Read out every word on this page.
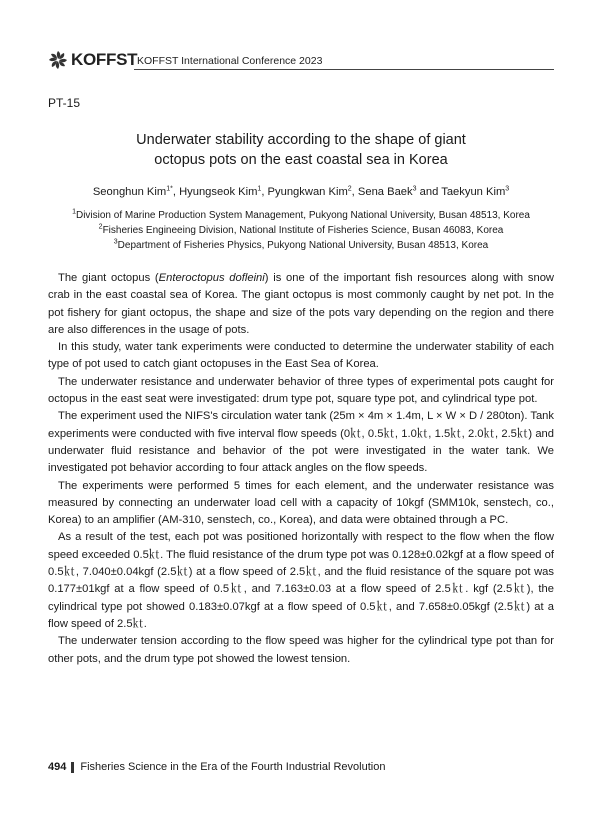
KOFFST KOFFST International Conference 2023
PT-15
Underwater stability according to the shape of giant
octopus pots on the east coastal sea in Korea
Seonghun Kim$^{1*}$, Hyungseok Kim$^1$, Pyungkwan Kim$^2$, Sena Baek$^3$ and Taekyun Kim$^3$
$^1$Division of Marine Production System Management, Pukyong National University, Busan 48513, Korea
$^2$Fisheries Engineeing Division, National Institute of Fisheries Science, Busan 46083, Korea
$^3$Department of Fisheries Physics, Pukyong National University, Busan 48513, Korea

The giant octopus (Enteroctopus dofleini) is one of the important fish resources along with snow crab in the east coastal sea of Korea. The giant octopus is most commonly caught by net pot. In the pot fishery for giant octopus, the shape and size of the pots vary depending on the region and there are also differences in the usage of pots.

In this study, water tank experiments were conducted to determine the underwater stability of each type of pot used to catch giant octopuses in the East Sea of Korea.

The underwater resistance and underwater behavior of three types of experimental pots caught for octopus in the east seat were investigated: drum type pot, square type pot, and cylindrical type pot.

The experiment used the NIFS's circulation water tank (25m × 4m × 1.4m, L × W × D / 280ton). Tank experiments were conducted with five interval flow speeds (0㏏, 0.5㏏, 1.0㏏, 1.5㏏, 2.0㏏, 2.5㏏) and underwater fluid resistance and behavior of the pot were investigated in the water tank. We investigated pot behavior according to four attack angles on the flow speeds.

The experiments were performed 5 times for each element, and the underwater resistance was measured by connecting an underwater load cell with a capacity of 10kgf (SMM10k, senstech, co., Korea) to an amplifier (AM-310, senstech, co., Korea), and data were obtained through a PC.

As a result of the test, each pot was positioned horizontally with respect to the flow when the flow speed exceeded 0.5㏏. The fluid resistance of the drum type pot was 0.128±0.02kgf at a flow speed of 0.5㏏, 7.040±0.04kgf (2.5㏏) at a flow speed of 2.5㏏, and the fluid resistance of the square pot was 0.177±01kgf at a flow speed of 0.5㏏, and 7.163±0.03 at a flow speed of 2.5㏏. kgf (2.5㏏), the cylindrical type pot showed 0.183±0.07kgf at a flow speed of 0.5㏏, and 7.658±0.05kgf (2.5㏏) at a flow speed of 2.5㏏.

The underwater tension according to the flow speed was higher for the cylindrical type pot than for other pots, and the drum type pot showed the lowest tension.

494 Fisheries Science in the Era of the Fourth Industrial Revolution
